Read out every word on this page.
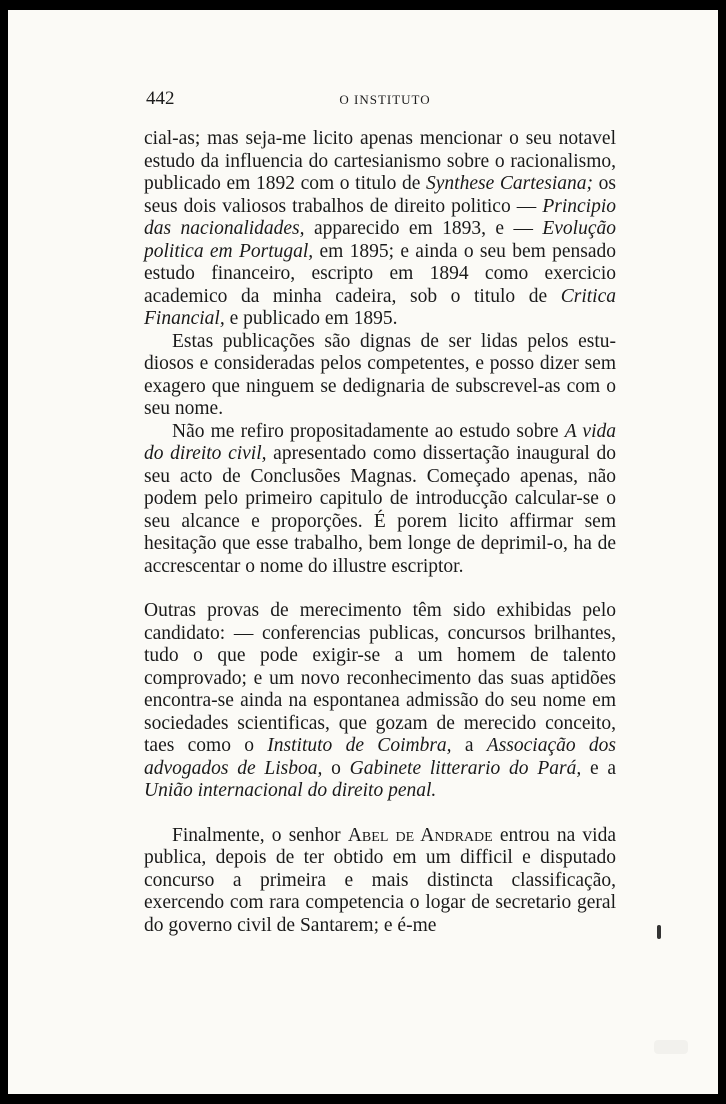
442	O INSTITUTO

cial-as; mas seja-me licito apenas mencionar o seu notavel estudo da influencia do cartesianismo sobre o racionalismo, publicado em 1892 com o titulo de Synthese Cartesiana; os seus dois valiosos trabalhos de direito politico — Principio das nacionalidades, apparecido em 1893, e — Evolução politica em Portugal, em 1895; e ainda o seu bem pensado estudo financeiro, escripto em 1894 como exercicio academico da minha cadeira, sob o titulo de Critica Financial, e publicado em 1895.

Estas publicações são dignas de ser lidas pelos estudiosos e consideradas pelos competentes, e posso dizer sem exagero que ninguem se dedignaria de subscrevel-as com o seu nome.

Não me refiro propositadamente ao estudo sobre A vida do direito civil, apresentado como dissertação inaugural do seu acto de Conclusões Magnas. Começado apenas, não podem pelo primeiro capitulo de introducção calcular-se o seu alcance e proporções. É porem licito affirmar sem hesitação que esse trabalho, bem longe de deprimil-o, ha de accrescentar o nome do illustre escriptor.

Outras provas de merecimento têm sido exhibidas pelo candidato: — conferencias publicas, concursos brilhantes, tudo o que pode exigir-se a um homem de talento comprovado; e um novo reconhecimento das suas aptidões encontra-se ainda na espontanea admissão do seu nome em sociedades scientificas, que gozam de merecido conceito, taes como o Instituto de Coimbra, a Associação dos advogados de Lisboa, o Gabinete litterario do Pará, e a União internacional do direito penal.

Finalmente, o senhor Abel de Andrade entrou na vida publica, depois de ter obtido em um difficil e disputado concurso a primeira e mais distincta classificação, exercendo com rara competencia o logar de secretario geral do governo civil de Santarem; e é-me
